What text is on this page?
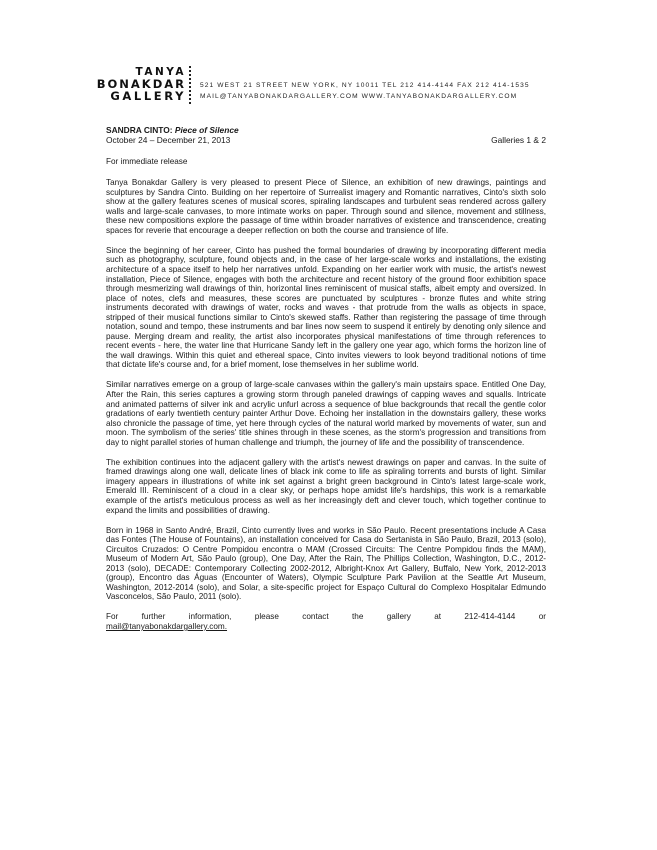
TANYA
BONAKDAR
GALLERY
521 WEST 21 STREET NEW YORK, NY 10011 TEL 212 414-4144 FAX 212 414-1535
MAIL@TANYABONAKDARGALLERY.COM WWW.TANYABONAKDARGALLERY.COM
SANDRA CINTO: Piece of Silence
October 24 – December 21, 2013	Galleries 1 & 2

For immediate release

Tanya Bonakdar Gallery is very pleased to present Piece of Silence, an exhibition of new drawings, paintings and sculptures by Sandra Cinto. Building on her repertoire of Surrealist imagery and Romantic narratives, Cinto's sixth solo show at the gallery features scenes of musical scores, spiraling landscapes and turbulent seas rendered across gallery walls and large-scale canvases, to more intimate works on paper. Through sound and silence, movement and stillness, these new compositions explore the passage of time within broader narratives of existence and transcendence, creating spaces for reverie that encourage a deeper reflection on both the course and transience of life.

Since the beginning of her career, Cinto has pushed the formal boundaries of drawing by incorporating different media such as photography, sculpture, found objects and, in the case of her large-scale works and installations, the existing architecture of a space itself to help her narratives unfold. Expanding on her earlier work with music, the artist's newest installation, Piece of Silence, engages with both the architecture and recent history of the ground floor exhibition space through mesmerizing wall drawings of thin, horizontal lines reminiscent of musical staffs, albeit empty and oversized. In place of notes, clefs and measures, these scores are punctuated by sculptures - bronze flutes and white string instruments decorated with drawings of water, rocks and waves - that protrude from the walls as objects in space, stripped of their musical functions similar to Cinto's skewed staffs. Rather than registering the passage of time through notation, sound and tempo, these instruments and bar lines now seem to suspend it entirely by denoting only silence and pause. Merging dream and reality, the artist also incorporates physical manifestations of time through references to recent events - here, the water line that Hurricane Sandy left in the gallery one year ago, which forms the horizon line of the wall drawings. Within this quiet and ethereal space, Cinto invites viewers to look beyond traditional notions of time that dictate life's course and, for a brief moment, lose themselves in her sublime world.

Similar narratives emerge on a group of large-scale canvases within the gallery's main upstairs space. Entitled One Day, After the Rain, this series captures a growing storm through paneled drawings of capping waves and squalls. Intricate and animated patterns of silver ink and acrylic unfurl across a sequence of blue backgrounds that recall the gentle color gradations of early twentieth century painter Arthur Dove. Echoing her installation in the downstairs gallery, these works also chronicle the passage of time, yet here through cycles of the natural world marked by movements of water, sun and moon. The symbolism of the series' title shines through in these scenes, as the storm's progression and transitions from day to night parallel stories of human challenge and triumph, the journey of life and the possibility of transcendence.

The exhibition continues into the adjacent gallery with the artist's newest drawings on paper and canvas. In the suite of framed drawings along one wall, delicate lines of black ink come to life as spiraling torrents and bursts of light. Similar imagery appears in illustrations of white ink set against a bright green background in Cinto's latest large-scale work, Emerald III. Reminiscent of a cloud in a clear sky, or perhaps hope amidst life's hardships, this work is a remarkable example of the artist's meticulous process as well as her increasingly deft and clever touch, which together continue to expand the limits and possibilities of drawing.

Born in 1968 in Santo André, Brazil, Cinto currently lives and works in São Paulo. Recent presentations include A Casa das Fontes (The House of Fountains), an installation conceived for Casa do Sertanista in São Paulo, Brazil, 2013 (solo), Circuitos Cruzados: O Centre Pompidou encontra o MAM (Crossed Circuits: The Centre Pompidou finds the MAM), Museum of Modern Art, São Paulo (group), One Day, After the Rain, The Phillips Collection, Washington, D.C., 2012-2013 (solo), DECADE: Contemporary Collecting 2002-2012, Albright-Knox Art Gallery, Buffalo, New York, 2012-2013 (group), Encontro das Águas (Encounter of Waters), Olympic Sculpture Park Pavilion at the Seattle Art Museum, Washington, 2012-2014 (solo), and Solar, a site-specific project for Espaço Cultural do Complexo Hospitalar Edmundo Vasconcelos, São Paulo, 2011 (solo).

For further information, please contact the gallery at 212-414-4144 or

mail@tanyabonakdargallery.com.
